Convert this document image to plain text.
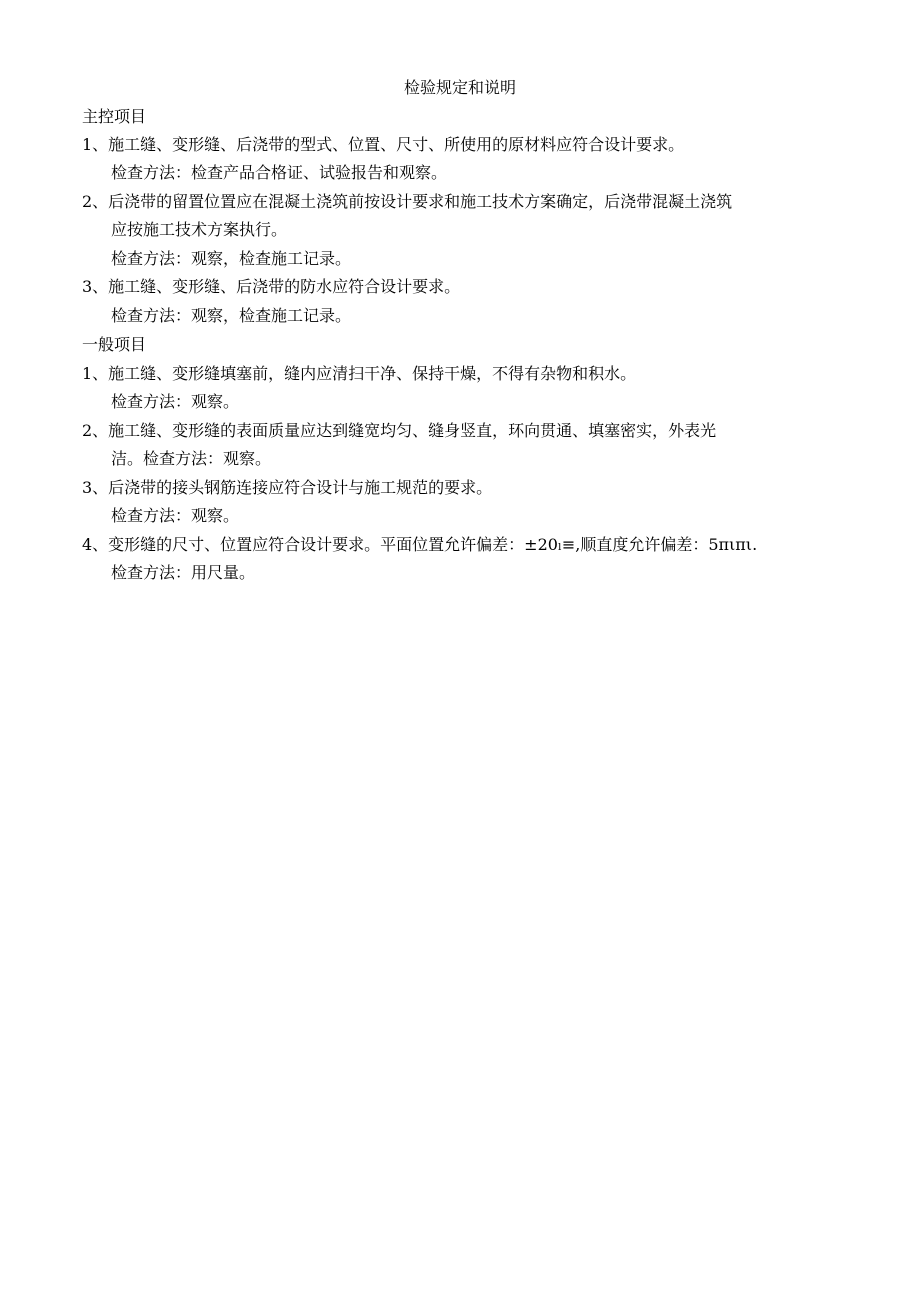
检验规定和说明
主控项目
1、施工缝、变形缝、后浇带的型式、位置、尺寸、所使用的原材料应符合设计要求。
检查方法：检查产品合格证、试验报告和观察。
2、后浇带的留置位置应在混凝土浇筑前按设计要求和施工技术方案确定，后浇带混凝土浇筑
应按施工技术方案执行。
检查方法：观察，检查施工记录。
3、施工缝、变形缝、后浇带的防水应符合设计要求。
检查方法：观察，检查施工记录。
一般项目
1、施工缝、变形缝填塞前，缝内应清扫干净、保持干燥，不得有杂物和积水。
检查方法：观察。
2、施工缝、变形缝的表面质量应达到缝宽均匀、缝身竖直，环向贯通、填塞密实，外表光
洁。检查方法：观察。
3、后浇带的接头钢筋连接应符合设计与施工规范的要求。
检查方法：观察。
4、变形缝的尺寸、位置应符合设计要求。平面位置允许偏差：±20ₗ≡,顺直度允许偏差：5πιπι.
检查方法：用尺量。
